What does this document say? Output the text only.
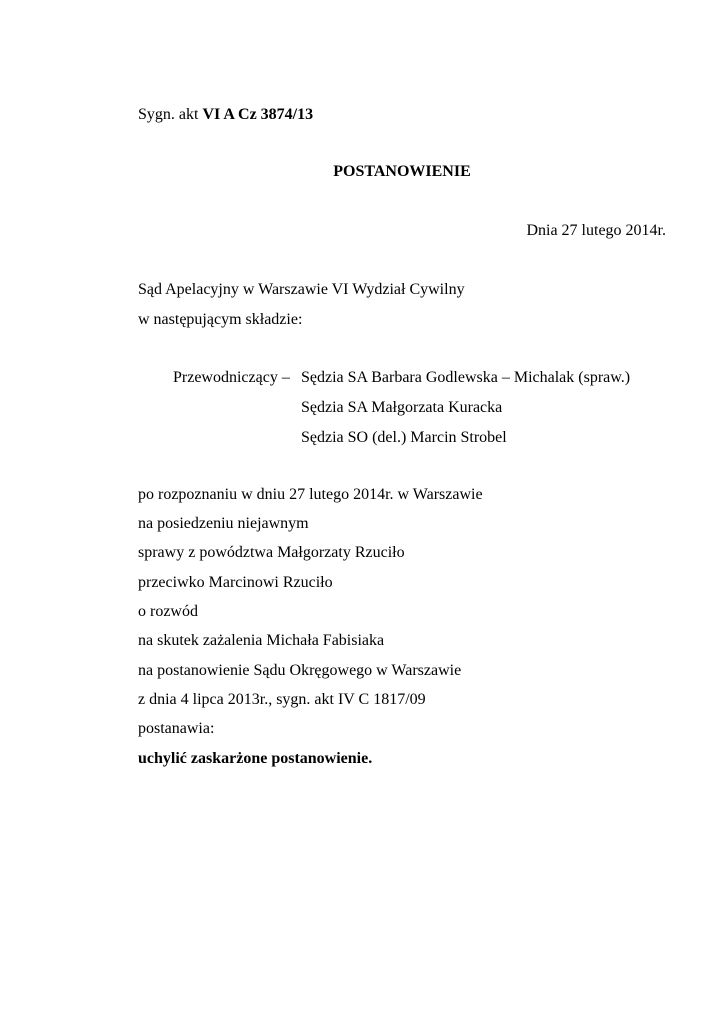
Sygn. akt VI A Cz 3874/13
POSTANOWIENIE
Dnia 27 lutego 2014r.
Sąd Apelacyjny w Warszawie VI Wydział Cywilny
w następującym składzie:
Przewodniczący – Sędzia SA Barbara Godlewska – Michalak (spraw.)
Sędzia SA Małgorzata Kuracka
Sędzia SO (del.) Marcin Strobel
po rozpoznaniu w dniu 27 lutego 2014r. w Warszawie
na posiedzeniu niejawnym
sprawy z powództwa Małgorzaty Rzuciło
przeciwko Marcinowi Rzuciło
o rozwód
na skutek zażalenia Michała Fabisiaka
na postanowienie Sądu Okręgowego w Warszawie
z dnia 4 lipca 2013r., sygn. akt IV C 1817/09
postanawia:
uchylić zaskarżone postanowienie.
